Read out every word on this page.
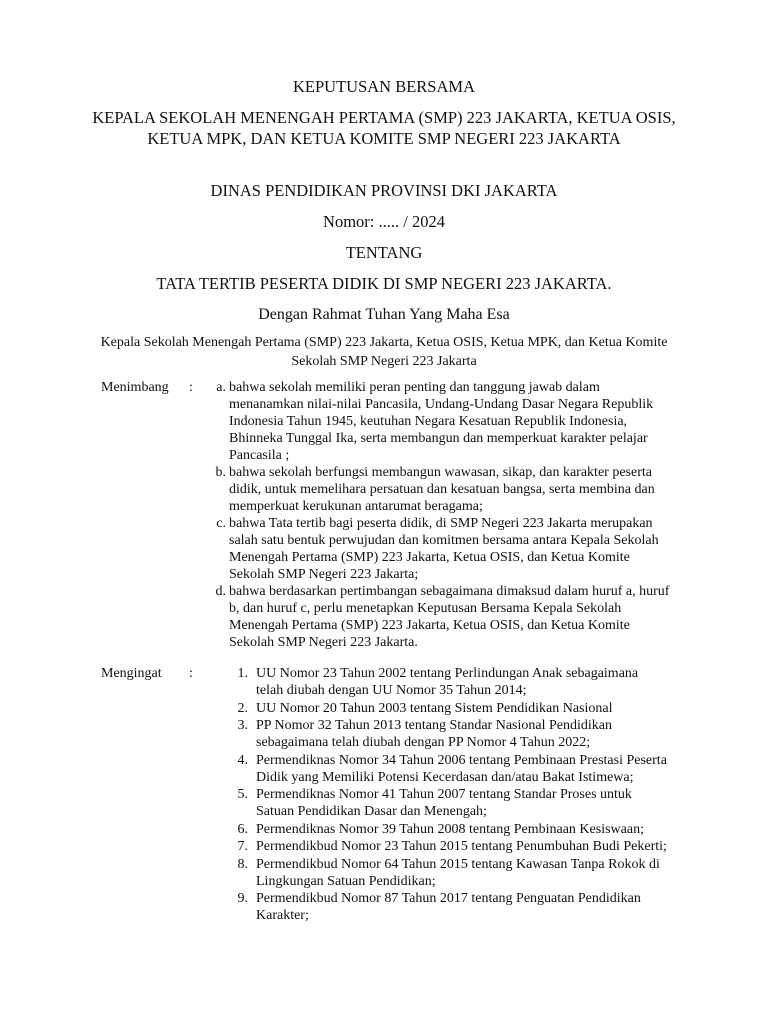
KEPUTUSAN BERSAMA
KEPALA SEKOLAH MENENGAH PERTAMA (SMP) 223 JAKARTA, KETUA OSIS, KETUA MPK, DAN KETUA KOMITE SMP NEGERI 223 JAKARTA
DINAS PENDIDIKAN PROVINSI DKI JAKARTA
Nomor: ..... / 2024
TENTANG
TATA TERTIB PESERTA DIDIK DI SMP NEGERI 223 JAKARTA.
Dengan Rahmat Tuhan Yang Maha Esa
Kepala Sekolah Menengah Pertama (SMP) 223 Jakarta, Ketua OSIS, Ketua MPK, dan Ketua Komite Sekolah SMP Negeri 223 Jakarta
Menimbang :	a. bahwa sekolah memiliki peran penting dan tanggung jawab dalam menanamkan nilai-nilai Pancasila, Undang-Undang Dasar Negara Republik Indonesia Tahun 1945, keutuhan Negara Kesatuan Republik Indonesia, Bhinneka Tunggal Ika, serta membangun dan memperkuat karakter pelajar Pancasila ;
b. bahwa sekolah berfungsi membangun wawasan, sikap, dan karakter peserta didik, untuk memelihara persatuan dan kesatuan bangsa, serta membina dan memperkuat kerukunan antarumat beragama;
c. bahwa Tata tertib bagi peserta didik, di SMP Negeri 223 Jakarta merupakan salah satu bentuk perwujudan dan komitmen bersama antara Kepala Sekolah Menengah Pertama (SMP) 223 Jakarta, Ketua OSIS, dan Ketua Komite Sekolah SMP Negeri 223 Jakarta;
d. bahwa berdasarkan pertimbangan sebagaimana dimaksud dalam huruf a, huruf b, dan huruf c, perlu menetapkan Keputusan Bersama Kepala Sekolah Menengah Pertama (SMP) 223 Jakarta, Ketua OSIS, dan Ketua Komite Sekolah SMP Negeri 223 Jakarta.
Mengingat :	1. UU Nomor 23 Tahun 2002 tentang Perlindungan Anak sebagaimana telah diubah dengan UU Nomor 35 Tahun 2014;
2. UU Nomor 20 Tahun 2003 tentang Sistem Pendidikan Nasional
3. PP Nomor 32 Tahun 2013 tentang Standar Nasional Pendidikan sebagaimana telah diubah dengan PP Nomor 4 Tahun 2022;
4. Permendiknas Nomor 34 Tahun 2006 tentang Pembinaan Prestasi Peserta Didik yang Memiliki Potensi Kecerdasan dan/atau Bakat Istimewa;
5. Permendiknas Nomor 41 Tahun 2007 tentang Standar Proses untuk Satuan Pendidikan Dasar dan Menengah;
6. Permendiknas Nomor 39 Tahun 2008 tentang Pembinaan Kesiswaan;
7. Permendikbud Nomor 23 Tahun 2015 tentang Penumbuhan Budi Pekerti;
8. Permendikbud Nomor 64 Tahun 2015 tentang Kawasan Tanpa Rokok di Lingkungan Satuan Pendidikan;
9. Permendikbud Nomor 87 Tahun 2017 tentang Penguatan Pendidikan Karakter;
